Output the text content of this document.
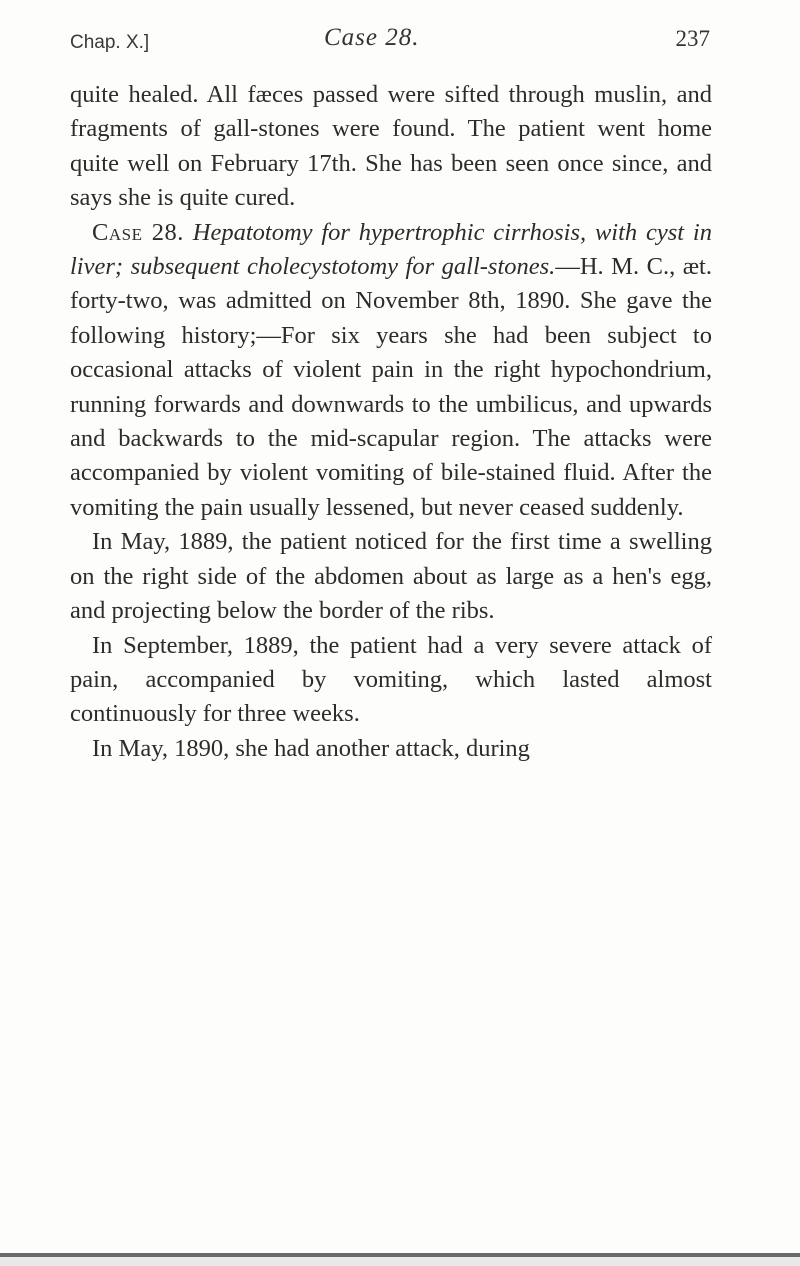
Chap. X.]	Case 28.	237

quite healed. All fæces passed were sifted through muslin, and fragments of gall-stones were found. The patient went home quite well on February 17th. She has been seen once since, and says she is quite cured.

Case 28. Hepatotomy for hypertrophic cirrhosis, with cyst in liver; subsequent cholecystotomy for gall-stones.—H. M. C., æt. forty-two, was admitted on November 8th, 1890. She gave the following history;—For six years she had been subject to occasional attacks of violent pain in the right hypochondrium, running forwards and downwards to the umbilicus, and upwards and backwards to the mid-scapular region. The attacks were accompanied by violent vomiting of bile-stained fluid. After the vomiting the pain usually lessened, but never ceased suddenly.

In May, 1889, the patient noticed for the first time a swelling on the right side of the abdomen about as large as a hen's egg, and projecting below the border of the ribs.

In September, 1889, the patient had a very severe attack of pain, accompanied by vomiting, which lasted almost continuously for three weeks.

In May, 1890, she had another attack, during
